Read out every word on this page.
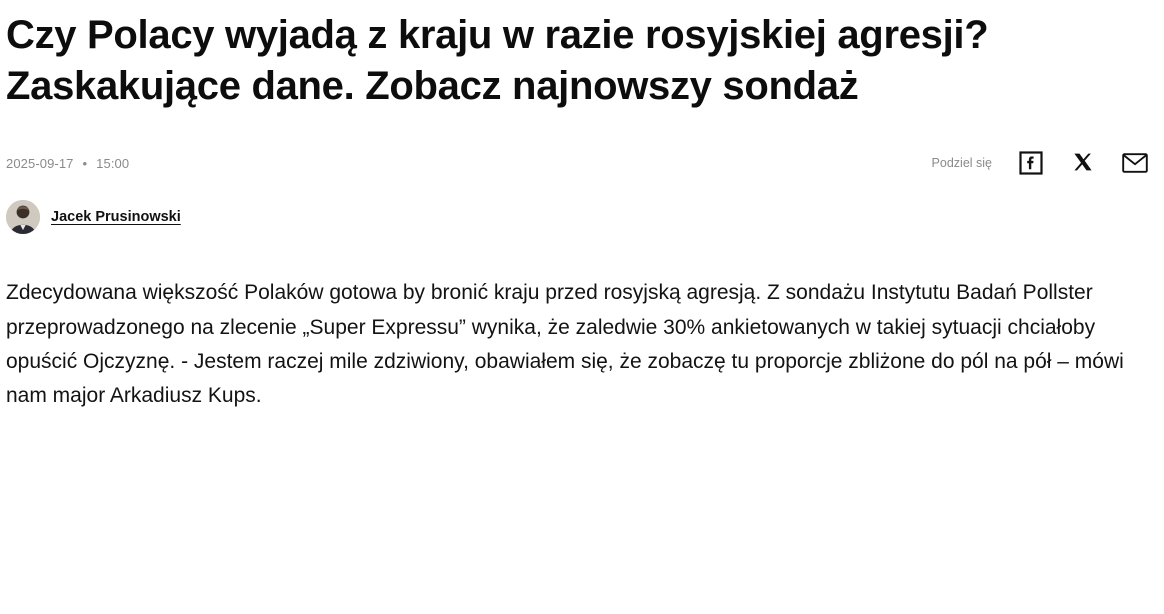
Czy Polacy wyjadą z kraju w razie rosyjskiej agresji? Zaskakujące dane. Zobacz najnowszy sondaż
2025-09-17 • 15:00	Podziel się
Jacek Prusinowski

Zdecydowana większość Polaków gotowa by bronić kraju przed rosyjską agresją. Z sondażu Instytutu Badań Pollster przeprowadzonego na zlecenie „Super Expressu” wynika, że zaledwie 30% ankietowanych w takiej sytuacji chciałoby opuścić Ojczyznę. - Jestem raczej mile zdziwiony, obawiałem się, że zobaczę tu proporcje zbliżone do pól na pół – mówi nam major Arkadiusz Kups.
